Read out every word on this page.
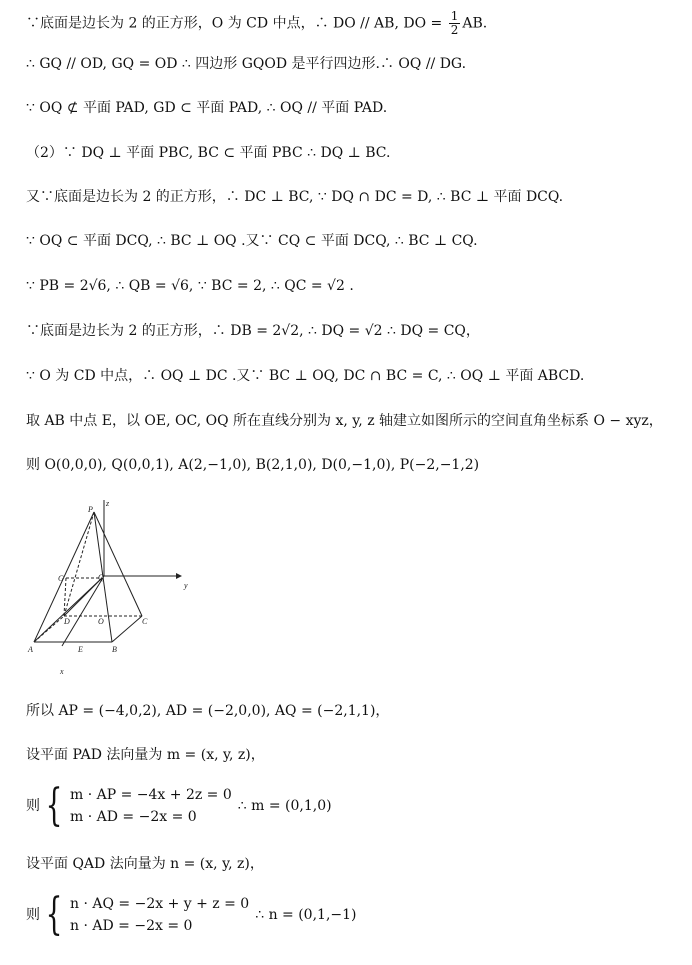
∵底面是边长为 2 的正方形，O 为 CD 中点，∴ DO // AB, DO = $\frac{1}{2}$ AB.
∴ GQ // OD, GQ = OD ∴ 四边形 GQOD 是平行四边形.∴ OQ // DG.
∵ OQ ⊄ 平面 PAD, GD ⊂ 平面 PAD, ∴ OQ // 平面 PAD.
（2）∵ DQ ⊥ 平面 PBC, BC ⊂ 平面 PBC ∴ DQ ⊥ BC.
又∵底面是边长为 2 的正方形，∴ DC ⊥ BC, ∵ DQ ∩ DC = D, ∴ BC ⊥ 平面 DCQ.
∵ OQ ⊂ 平面 DCQ, ∴ BC ⊥ OQ .又∵ CQ ⊂ 平面 DCQ, ∴ BC ⊥ CQ.
∵ PB = 2√6, ∴ QB = √6, ∵ BC = 2, ∴ QC = √2 .
∵底面是边长为 2 的正方形，∴ DB = 2√2, ∴ DQ = √2 ∴ DQ = CQ，
∵ O 为 CD 中点，∴ OQ ⊥ DC .又∵ BC ⊥ OQ, DC ∩ BC = C, ∴ OQ ⊥ 平面 ABCD.
取 AB 中点 E，以 OE, OC, OQ 所在直线分别为 x, y, z 轴建立如图所示的空间直角坐标系 O − xyz，
则 O(0,0,0), Q(0,0,1), A(2,−1,0), B(2,1,0), D(0,−1,0), P(−2,−1,2)
z
P
G	Q
D	O	C
y
A	E	B
x
所以 AP = (−4,0,2), AD = (−2,0,0), AQ = (−2,1,1)，
设平面 PAD 法向量为 m = (x, y, z)，
则 { m · AP = −4x + 2z = 0
m · AD = −2x = 0
∴ m = (0,1,0)
设平面 QAD 法向量为 n = (x, y, z)，
则 { n · AQ = −2x + y + z = 0
n · AD = −2x = 0
∴ n = (0,1,−1)
